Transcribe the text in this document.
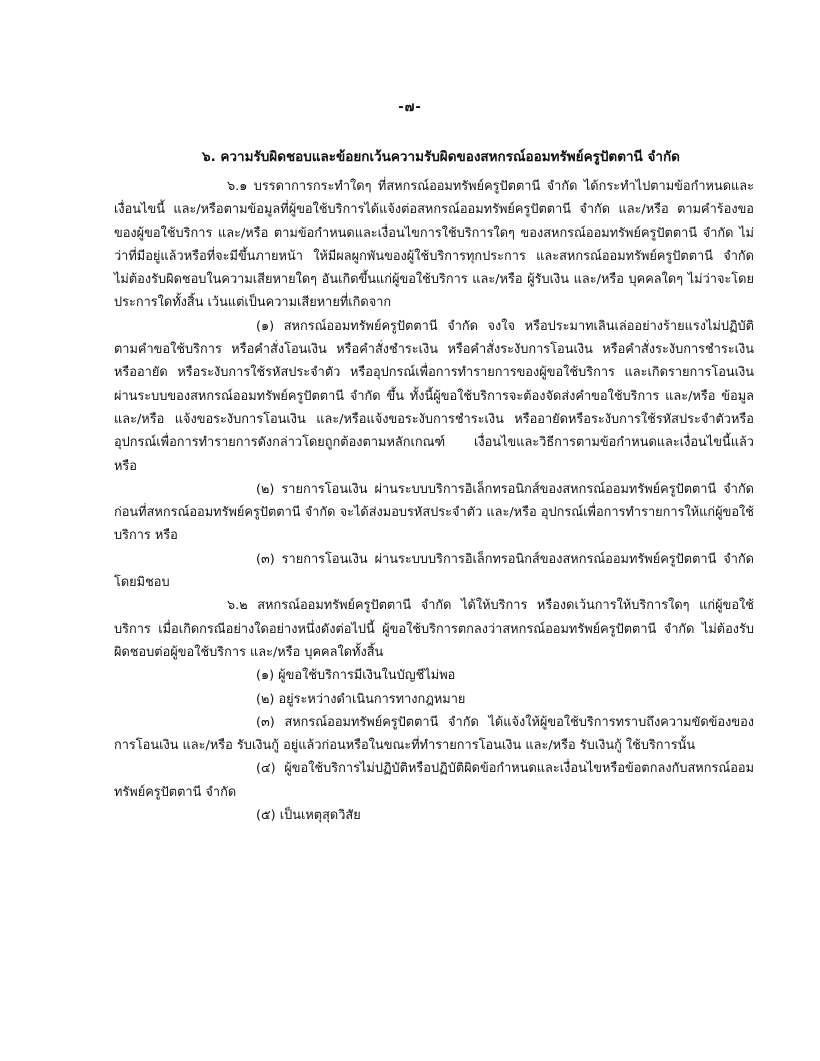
-๗-
๖. ความรับผิดชอบและข้อยกเว้นความรับผิดของสหกรณ์ออมทรัพย์ครูปัตตานี จำกัด

๖.๑ บรรดาการกระทำใดๆ ที่สหกรณ์ออมทรัพย์ครูปัตตานี จำกัด ได้กระทำไปตามข้อกำหนดและเงื่อนไขนี้ และ/หรือตามข้อมูลที่ผู้ขอใช้บริการได้แจ้งต่อสหกรณ์ออมทรัพย์ครูปัตตานี จำกัด และ/หรือ ตามคำร้องขอของผู้ขอใช้บริการ และ/หรือ ตามข้อกำหนดและเงื่อนไขการใช้บริการใดๆ ของสหกรณ์ออมทรัพย์ครูปัตตานี จำกัด ไม่ว่าที่มีอยู่แล้วหรือที่จะมีขึ้นภายหน้า ให้มีผลผูกพันของผู้ใช้บริการทุกประการ และสหกรณ์ออมทรัพย์ครูปัตตานี จำกัด ไม่ต้องรับผิดชอบในความเสียหายใดๆ อันเกิดขึ้นแก่ผู้ขอใช้บริการ และ/หรือ ผู้รับเงิน และ/หรือ บุคคลใดๆ ไม่ว่าจะโดยประการใดทั้งสิ้น เว้นแต่เป็นความเสียหายที่เกิดจาก

(๑) สหกรณ์ออมทรัพย์ครูปัตตานี จำกัด จงใจ หรือประมาทเลินเล่ออย่างร้ายแรงไม่ปฏิบัติตามคำขอใช้บริการ หรือคำสั่งโอนเงิน หรือคำสั่งชำระเงิน หรือคำสั่งระงับการโอนเงิน หรือคำสั่งระงับการชำระเงิน หรืออายัด หรือระงับการใช้รหัสประจำตัว หรืออุปกรณ์เพื่อการทำรายการของผู้ขอใช้บริการ และเกิดรายการโอนเงินผ่านระบบของสหกรณ์ออมทรัพย์ครูปัตตานี จำกัด ขึ้น ทั้งนี้ผู้ขอใช้บริการจะต้องจัดส่งคำขอใช้บริการ และ/หรือ ข้อมูล และ/หรือ แจ้งขอระงับการโอนเงิน และ/หรือแจ้งขอระงับการชำระเงิน หรืออายัดหรือระงับการใช้รหัสประจำตัวหรืออุปกรณ์เพื่อการทำรายการดังกล่าวโดยถูกต้องตามหลักเกณฑ์ เงื่อนไขและวิธีการตามข้อกำหนดและเงื่อนไขนี้แล้ว หรือ

(๒) รายการโอนเงิน ผ่านระบบบริการอิเล็กทรอนิกส์ของสหกรณ์ออมทรัพย์ครูปัตตานี จำกัด ก่อนที่สหกรณ์ออมทรัพย์ครูปัตตานี จำกัด จะได้ส่งมอบรหัสประจำตัว และ/หรือ อุปกรณ์เพื่อการทำรายการให้แก่ผู้ขอใช้บริการ หรือ

(๓) รายการโอนเงิน ผ่านระบบบริการอิเล็กทรอนิกส์ของสหกรณ์ออมทรัพย์ครูปัตตานี จำกัด โดยมิชอบ

๖.๒ สหกรณ์ออมทรัพย์ครูปัตตานี จำกัด ได้ให้บริการ หรืองดเว้นการให้บริการใดๆ แก่ผู้ขอใช้บริการ เมื่อเกิดกรณีอย่างใดอย่างหนึ่งดังต่อไปนี้ ผู้ขอใช้บริการตกลงว่าสหกรณ์ออมทรัพย์ครูปัตตานี จำกัด ไม่ต้องรับผิดชอบต่อผู้ขอใช้บริการ และ/หรือ บุคคลใดทั้งสิ้น

(๑) ผู้ขอใช้บริการมีเงินในบัญชีไม่พอ

(๒) อยู่ระหว่างดำเนินการทางกฎหมาย

(๓) สหกรณ์ออมทรัพย์ครูปัตตานี จำกัด ได้แจ้งให้ผู้ขอใช้บริการทราบถึงความขัดข้องของการโอนเงิน และ/หรือ รับเงินกู้ อยู่แล้วก่อนหรือในขณะที่ทำรายการโอนเงิน และ/หรือ รับเงินกู้ ใช้บริการนั้น

(๔) ผู้ขอใช้บริการไม่ปฏิบัติหรือปฏิบัติผิดข้อกำหนดและเงื่อนไขหรือข้อตกลงกับสหกรณ์ออมทรัพย์ครูปัตตานี จำกัด

(๕) เป็นเหตุสุดวิสัย
